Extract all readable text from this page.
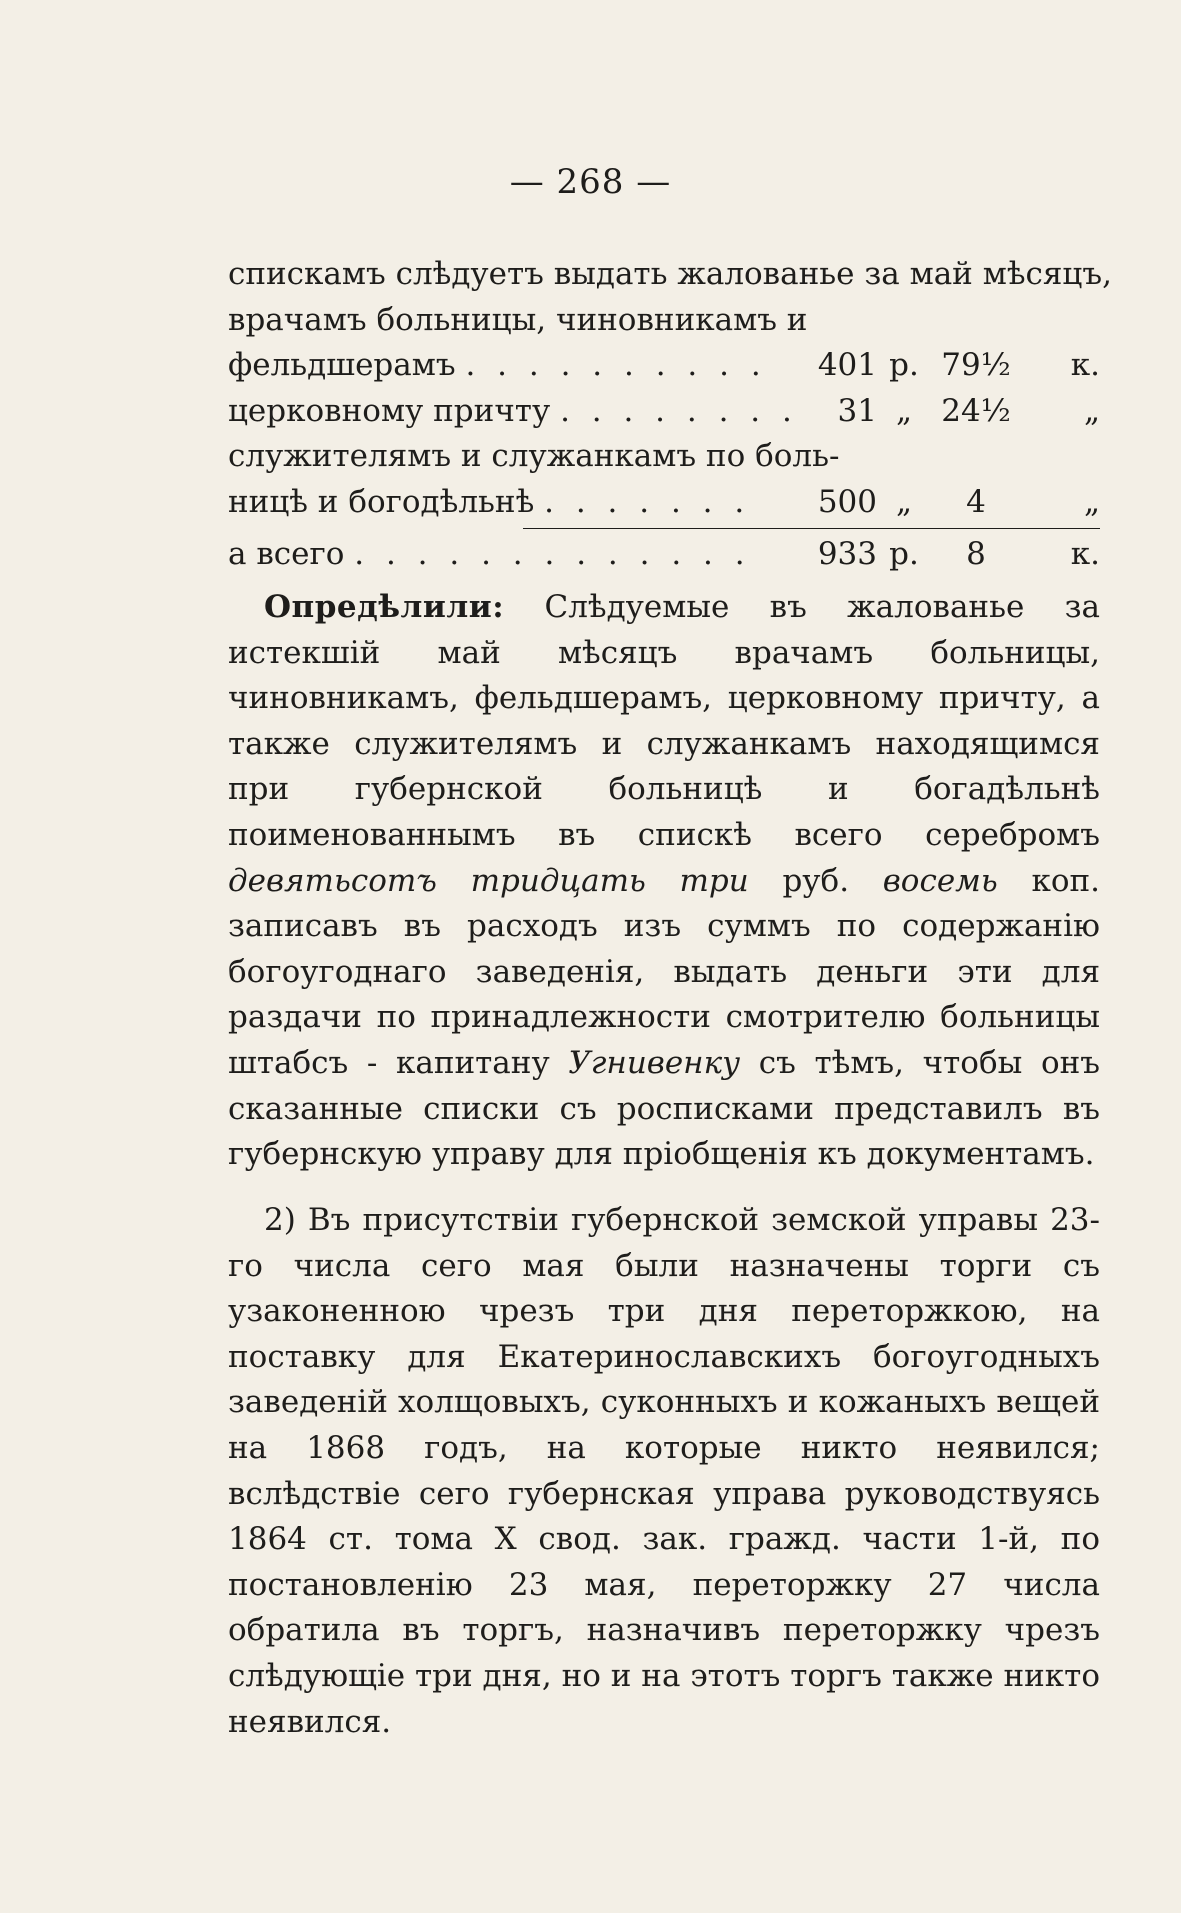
— 268 —
спискамъ слѣдуетъ выдать жалованье за май мѣсяцъ,
врачамъ больницы, чиновникамъ и
фельдшерамъ . . . . . . . . . .	401 р. 79½	к.
церковному причту . . . . . . . .	31 „ 24½	„
служителямъ и служанкамъ по боль-
ницѣ и богодѣльнѣ . . . . . . .	500 „	4	„
а всего . . . . . . . . . . . . .	933 р.	8	к.

Опредѣлили: Слѣдуемые въ жалованье за истекшій май мѣсяцъ врачамъ больницы, чиновникамъ, фельдшерамъ, церковному причту, а также служителямъ и служанкамъ находящимся при губернской больницѣ и богадѣльнѣ поименованнымъ въ спискѣ всего серебромъ девятьсотъ тридцать три руб. восемь коп. записавъ въ расходъ изъ суммъ по содержанію богоугоднаго заведенія, выдать деньги эти для раздачи по принадлежности смотрителю больницы штабсъ - капитану Угнивенку съ тѣмъ, чтобы онъ сказанные списки съ росписками представилъ въ губернскую управу для пріобщенія къ документамъ.

2) Въ присутствіи губернской земской управы 23-го числа сего мая были назначены торги съ узаконенною чрезъ три дня переторжкою, на поставку для Екатеринославскихъ богоугодныхъ заведеній холщовыхъ, суконныхъ и кожаныхъ вещей на 1868 годъ, на которые никто неявился; вслѣдствіе сего губернская управа руководствуясь 1864 ст. тома X свод. зак. гражд. части 1-й, по постановленію 23 мая, переторжку 27 числа обратила въ торгъ, назначивъ переторжку чрезъ слѣдующіе три дня, но и на этотъ торгъ также никто неявился.
